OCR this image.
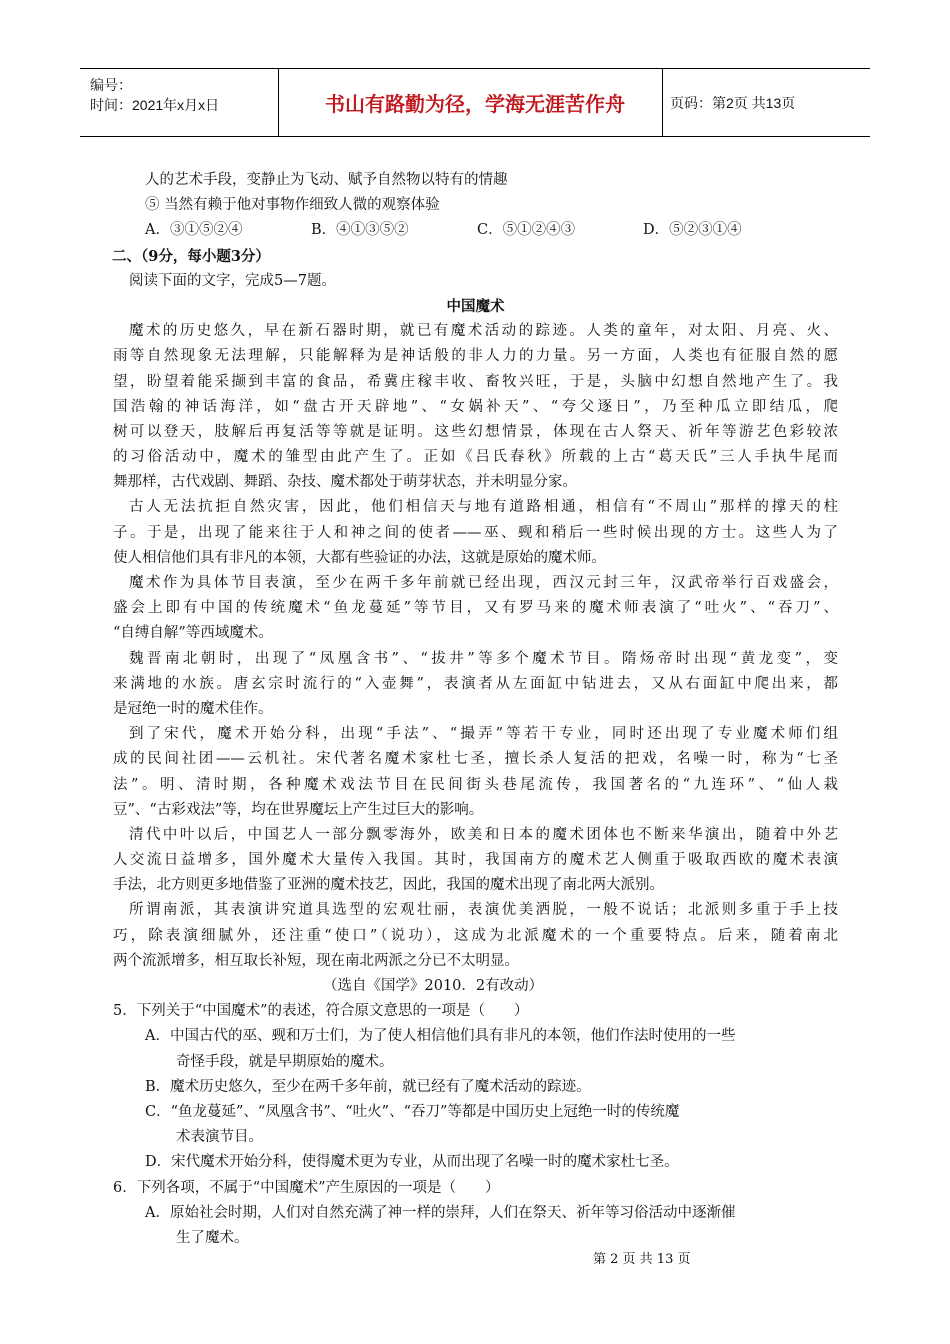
编号：
时间：2021年x月x日	书山有路勤为径，学海无涯苦作舟	页码：第2页 共13页
人的艺术手段，变静止为飞动、赋予自然物以特有的情趣
⑤ 当然有赖于他对事物作细致人微的观察体验
A．③①⑤②④	B．④①③⑤②	C．⑤①②④③	D．⑤②③①④
二、（9分，每小题3分）
阅读下面的文字，完成5—7题。
中国魔术
魔术的历史悠久，早在新石器时期，就已有魔术活动的踪迹。人类的童年，对太阳、月亮、火、
雨等自然现象无法理解，只能解释为是神话般的非人力的力量。另一方面，人类也有征服自然的愿
望，盼望着能采撷到丰富的食品，希冀庄稼丰收、畜牧兴旺，于是，头脑中幻想自然地产生了。我
国浩翰的神话海洋，如“盘古开天辟地”、“女娲补天”、“夸父逐日”，乃至种瓜立即结瓜，爬
树可以登天，肢解后再复活等等就是证明。这些幻想情景，体现在古人祭天、祈年等游艺色彩较浓
的习俗活动中，魔术的雏型由此产生了。正如《吕氏春秋》所载的上古“葛天氏”三人手执牛尾而
舞那样，古代戏剧、舞蹈、杂技、魔术都处于萌芽状态，并未明显分家。
古人无法抗拒自然灾害，因此，他们相信天与地有道路相通，相信有“不周山”那样的撑天的柱
子。于是，出现了能来往于人和神之间的使者——巫、觋和稍后一些时候出现的方士。这些人为了
使人相信他们具有非凡的本领，大都有些验证的办法，这就是原始的魔术师。
魔术作为具体节目表演，至少在两千多年前就已经出现，西汉元封三年，汉武帝举行百戏盛会，
盛会上即有中国的传统魔术“鱼龙蔓延”等节目，又有罗马来的魔术师表演了“吐火”、“吞刀”、
“自缚自解”等西域魔术。
魏晋南北朝时，出现了“凤凰含书”、“拔井”等多个魔术节目。隋炀帝时出现“黄龙变”，变
来满地的水族。唐玄宗时流行的“入壶舞”，表演者从左面缸中钻进去，又从右面缸中爬出来，都
是冠绝一时的魔术佳作。
到了宋代，魔术开始分科，出现“手法”、“撮弄”等若干专业，同时还出现了专业魔术师们组
成的民间社团——云机社。宋代著名魔术家杜七圣，擅长杀人复活的把戏，名噪一时，称为“七圣
法”。明、清时期，各种魔术戏法节目在民间街头巷尾流传，我国著名的“九连环”、“仙人栽
豆”、“古彩戏法”等，均在世界魔坛上产生过巨大的影响。
清代中叶以后，中国艺人一部分飘零海外，欧美和日本的魔术团体也不断来华演出，随着中外艺
人交流日益增多，国外魔术大量传入我国。其时，我国南方的魔术艺人侧重于吸取西欧的魔术表演
手法，北方则更多地借鉴了亚洲的魔术技艺，因此，我国的魔术出现了南北两大派别。
所谓南派，其表演讲究道具选型的宏观壮丽，表演优美洒脱，一般不说话；北派则多重于手上技
巧，除表演细腻外，还注重“使口”（说功），这成为北派魔术的一个重要特点。后来，随着南北
两个流派增多，相互取长补短，现在南北两派之分已不太明显。
（选自《国学》2010．2有改动）
5．下列关于“中国魔术”的表述，符合原文意思的一项是（　　）
A．中国古代的巫、觋和万士们，为了使人相信他们具有非凡的本领，他们作法时使用的一些
奇怪手段，就是早期原始的魔术。
B．魔术历史悠久，至少在两千多年前，就已经有了魔术活动的踪迹。
C．“鱼龙蔓延”、“凤凰含书”、“吐火”、“吞刀”等都是中国历史上冠绝一时的传统魔
术表演节目。
D．宋代魔术开始分科，使得魔术更为专业，从而出现了名噪一时的魔术家杜七圣。
6．下列各项，不属于“中国魔术”产生原因的一项是（　　）
A．原始社会时期，人们对自然充满了神一样的崇拜，人们在祭天、祈年等习俗活动中逐渐催
生了魔术。
第 2 页 共 13 页
